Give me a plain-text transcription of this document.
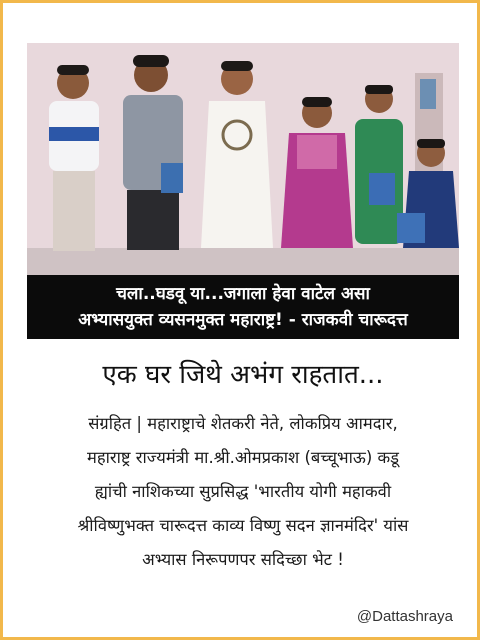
चला..घडवू या...जगाला हेवा वाटेल असा
अभ्यासयुक्त व्यसनमुक्त महाराष्ट्र! - राजकवी चारूदत्त
एक घर जिथे अभंग राहतात...
संग्रहित | महाराष्ट्राचे शेतकरी नेते, लोकप्रिय आमदार,
महाराष्ट्र राज्यमंत्री मा.श्री.ओमप्रकाश (बच्चूभाऊ) कडू
ह्यांची नाशिकच्या सुप्रसिद्ध 'भारतीय योगी महाकवी
श्रीविष्णुभक्त चारूदत्त काव्य विष्णु सदन ज्ञानमंदिर' यांस
अभ्यास निरूपणपर सदिच्छा भेट !
@Dattashraya
